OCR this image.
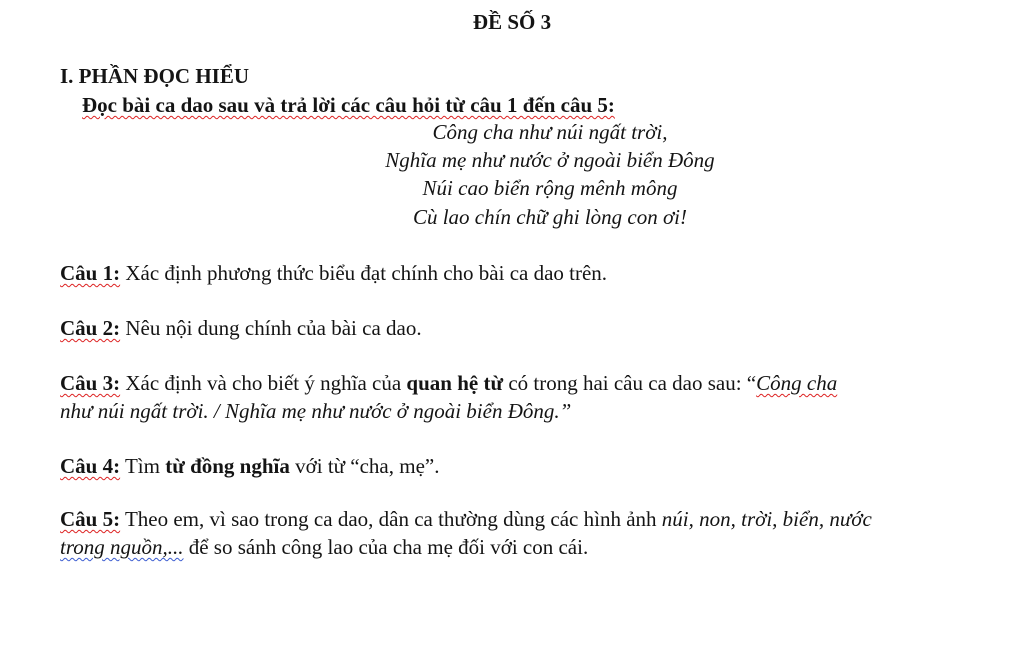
ĐỀ SỐ 3
I. PHẦN ĐỌC HIỂU
Đọc bài ca dao sau và trả lời các câu hỏi từ câu 1 đến câu 5:
Công cha như núi ngất trời,
Nghĩa mẹ như nước ở ngoài biển Đông
Núi cao biển rộng mênh mông
Cù lao chín chữ ghi lòng con ơi!
Câu 1: Xác định phương thức biểu đạt chính cho bài ca dao trên.
Câu 2: Nêu nội dung chính của bài ca dao.
Câu 3: Xác định và cho biết ý nghĩa của quan hệ từ có trong hai câu ca dao sau: “Công cha
như núi ngất trời. / Nghĩa mẹ như nước ở ngoài biển Đông.”
Câu 4: Tìm từ đồng nghĩa với từ “cha, mẹ”.
Câu 5: Theo em, vì sao trong ca dao, dân ca thường dùng các hình ảnh núi, non, trời, biển, nước
trong nguồn,... để so sánh công lao của cha mẹ đối với con cái.
